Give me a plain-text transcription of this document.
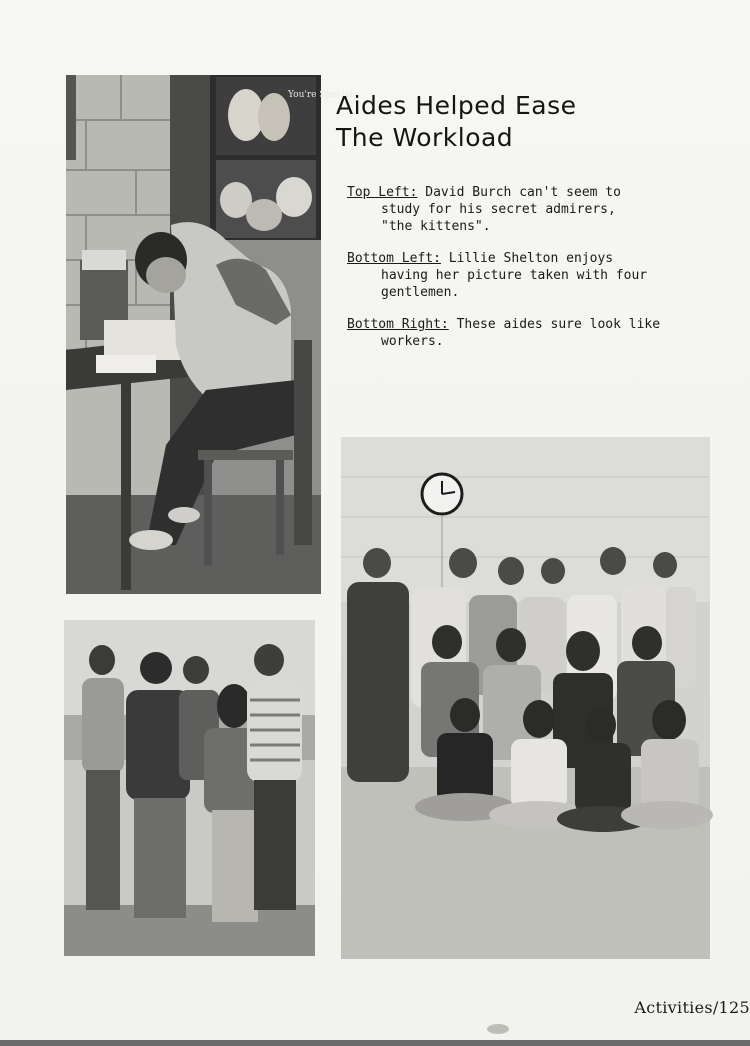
You're Special
Aides Helped Ease
The Workload

Top Left: David Burch can't seem to
study for his secret admirers,
"the kittens".

Bottom Left: Lillie Shelton enjoys
having her picture taken with four
gentlemen.

Bottom Right: These aides sure look like
workers.

Activities/125
